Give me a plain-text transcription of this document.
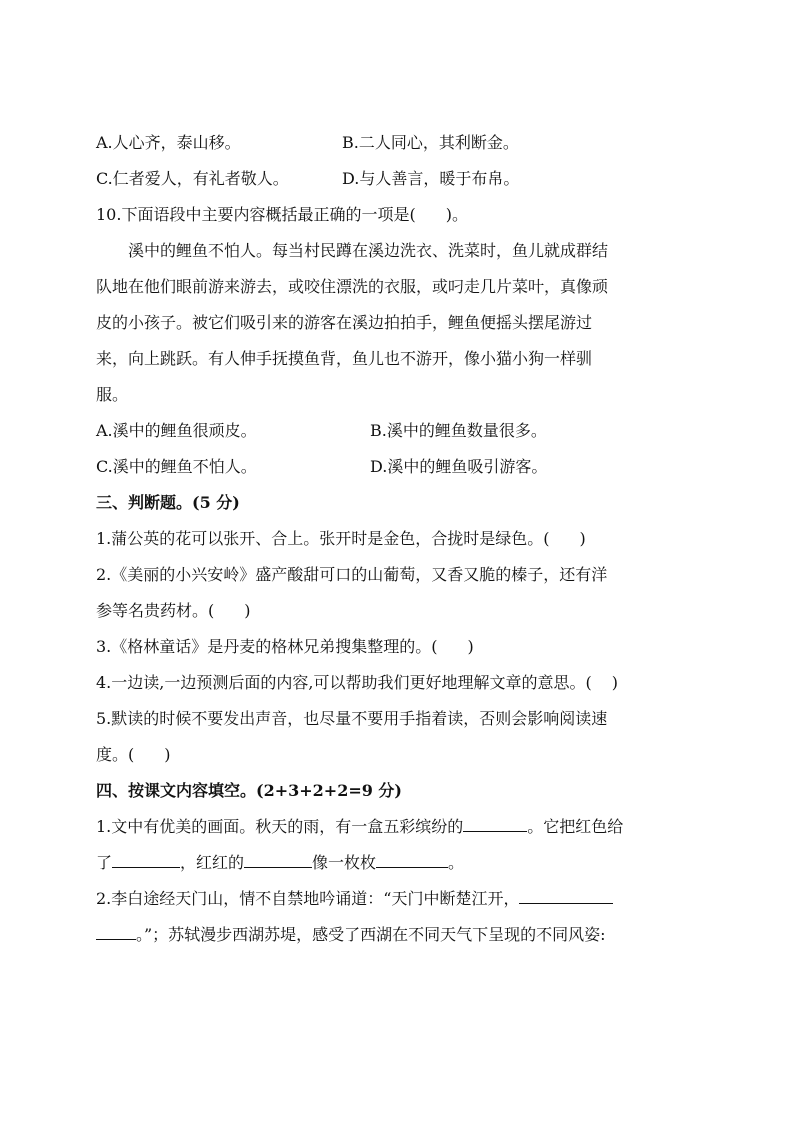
A.人心齐，泰山移。	B.二人同心，其利断金。
C.仁者爱人，有礼者敬人。	D.与人善言，暖于布帛。
10.下面语段中主要内容概括最正确的一项是( )。
溪中的鲤鱼不怕人。每当村民蹲在溪边洗衣、洗菜时，鱼儿就成群结
队地在他们眼前游来游去，或咬住漂洗的衣服，或叼走几片菜叶，真像顽
皮的小孩子。被它们吸引来的游客在溪边拍拍手，鲤鱼便摇头摆尾游过
来，向上跳跃。有人伸手抚摸鱼背，鱼儿也不游开，像小猫小狗一样驯
服。
A.溪中的鲤鱼很顽皮。	B.溪中的鲤鱼数量很多。
C.溪中的鲤鱼不怕人。	D.溪中的鲤鱼吸引游客。
三、判断题。(5 分)
1.蒲公英的花可以张开、合上。张开时是金色，合拢时是绿色。( )
2.《美丽的小兴安岭》盛产酸甜可口的山葡萄，又香又脆的榛子，还有洋
参等名贵药材。( )
3.《格林童话》是丹麦的格林兄弟搜集整理的。( )
4.一边读,一边预测后面的内容,可以帮助我们更好地理解文章的意思。( )
5.默读的时候不要发出声音，也尽量不要用手指着读，否则会影响阅读速
度。( )
四、按课文内容填空。(2+3+2+2=9 分)
1.文中有优美的画面。秋天的雨，有一盒五彩缤纷的	。它把红色给
了	，红红的	像一枚枚	。
2.李白途经天门山，情不自禁地吟诵道：“天门中断楚江开，
。”；苏轼漫步西湖苏堤，感受了西湖在不同天气下呈现的不同风姿:
